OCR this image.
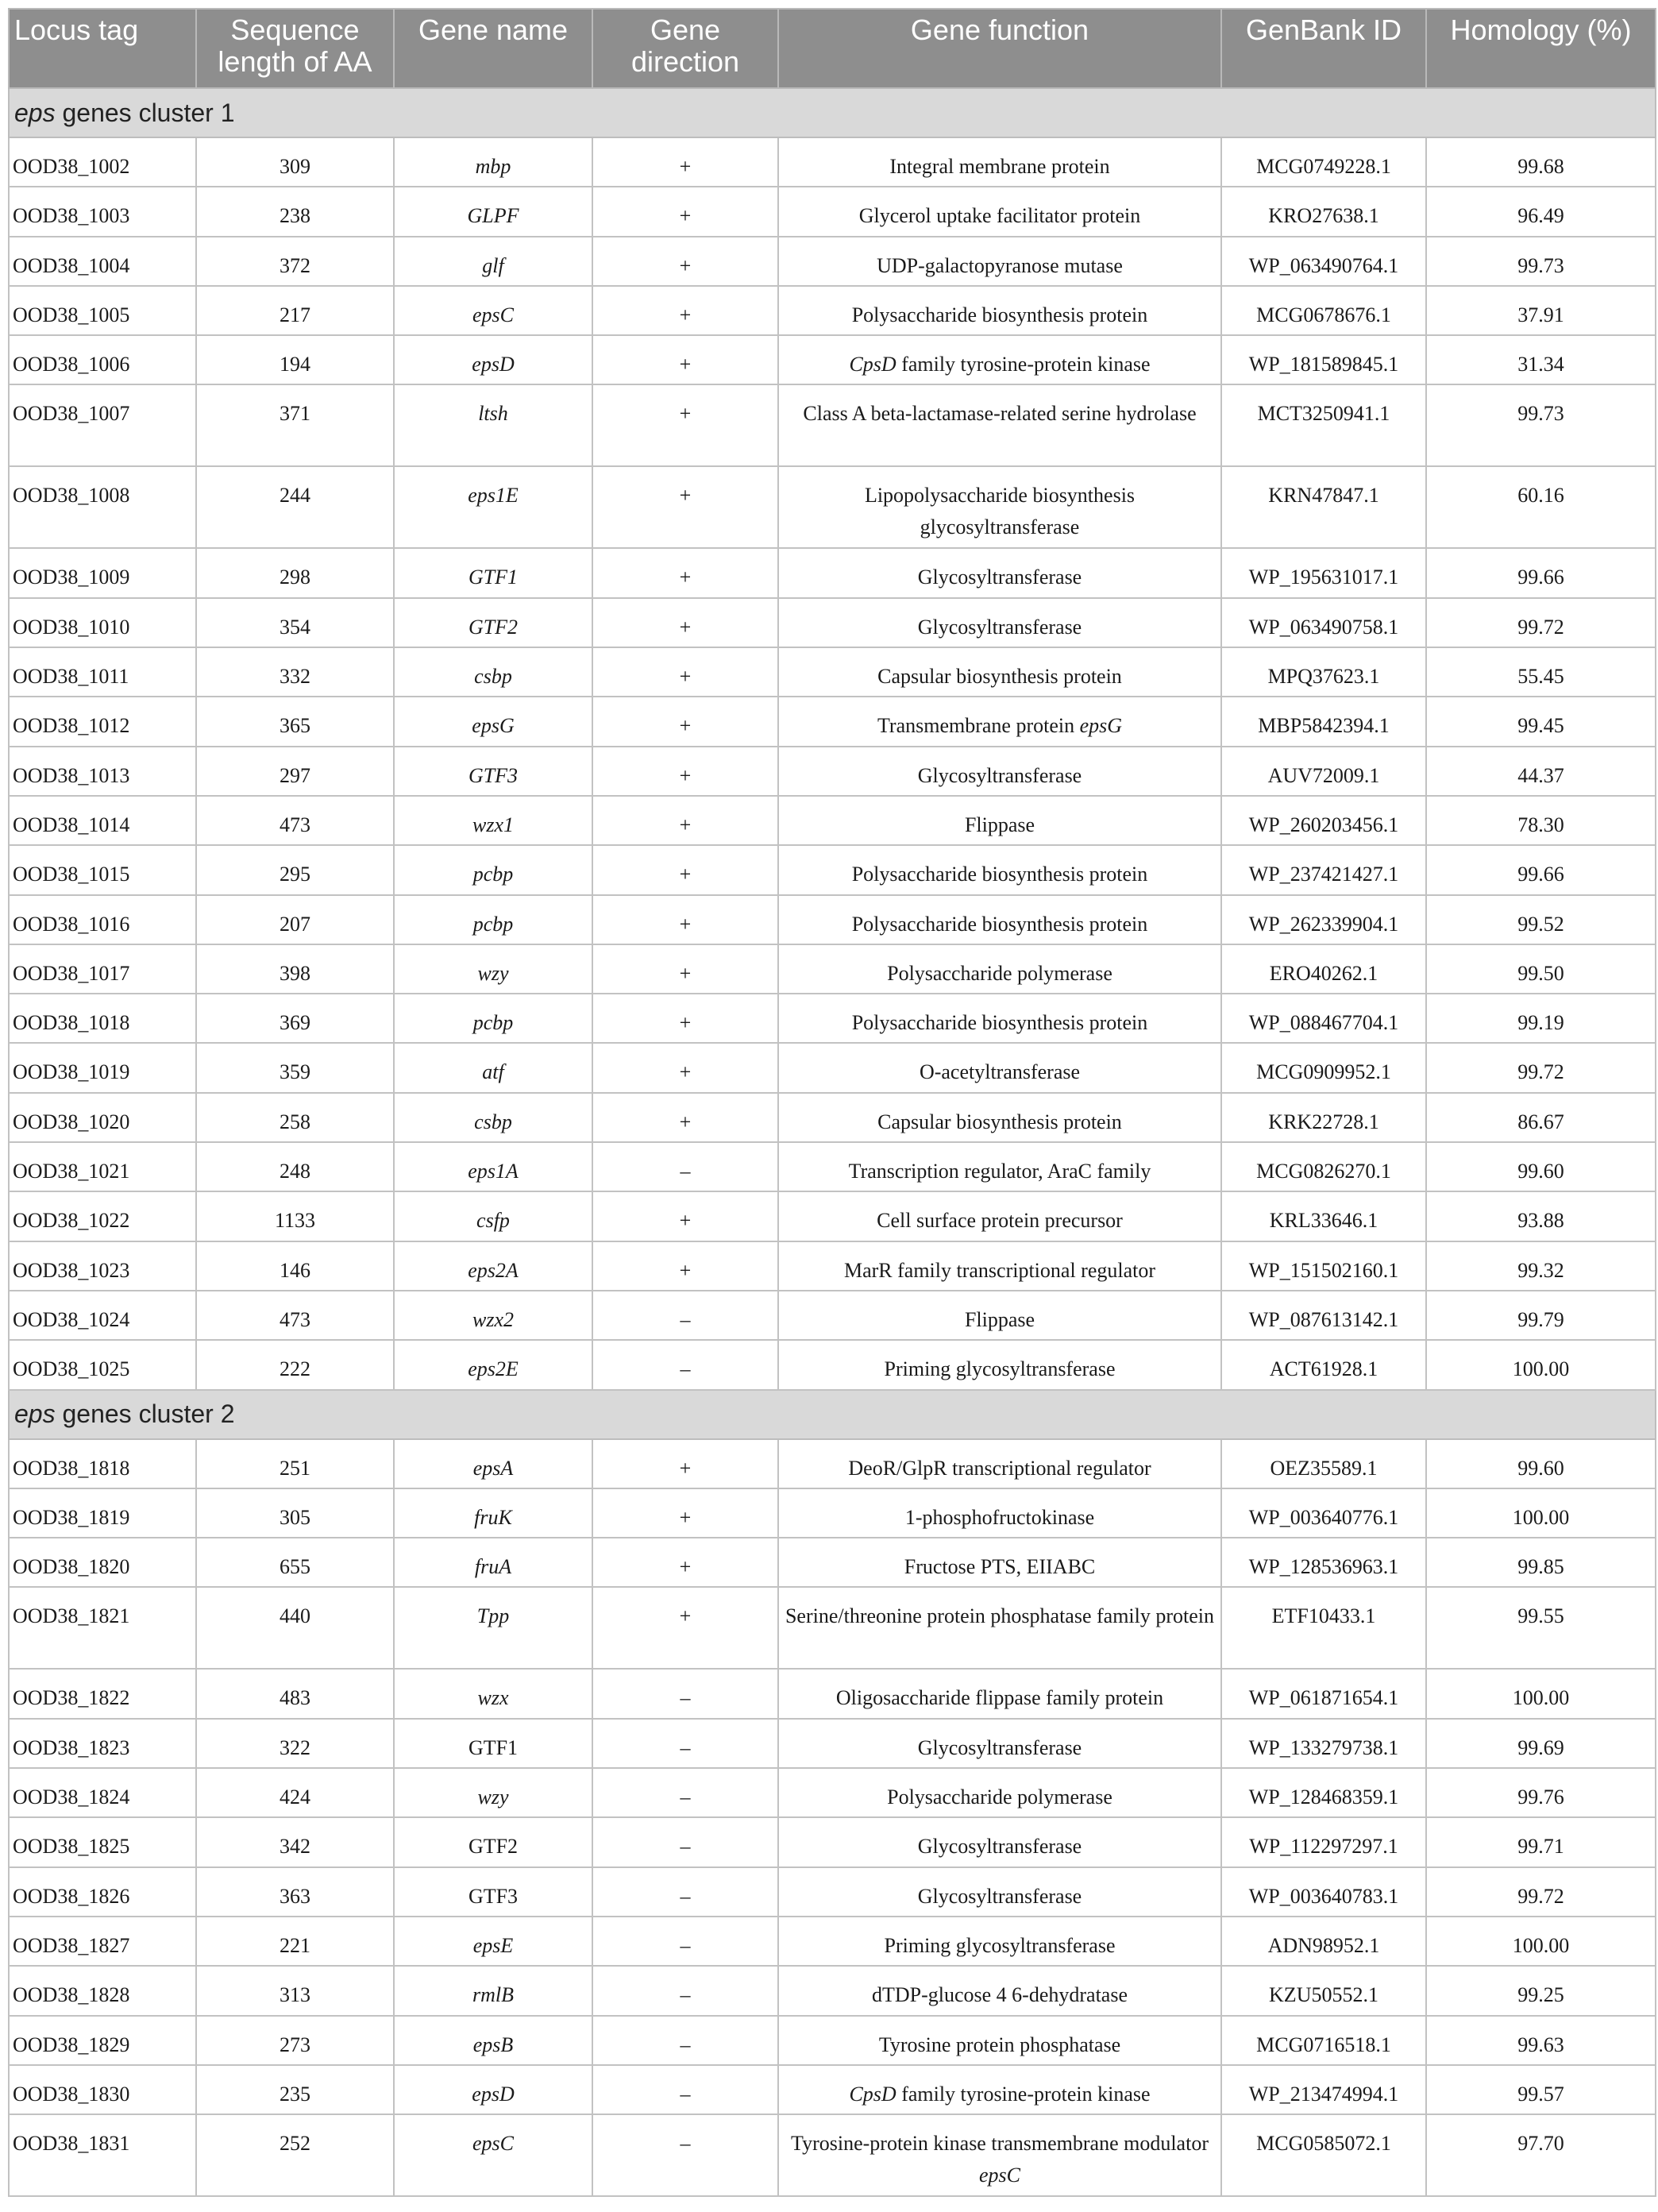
Locus tag	Sequence length of AA	Gene name	Gene direction	Gene function	GenBank ID	Homology (%)
eps genes cluster 1						
OOD38_1002	309	mbp	+	Integral membrane protein	MCG0749228.1	99.68
OOD38_1003	238	GLPF	+	Glycerol uptake facilitator protein	KRO27638.1	96.49
OOD38_1004	372	glf	+	UDP-galactopyranose mutase	WP_063490764.1	99.73
OOD38_1005	217	epsC	+	Polysaccharide biosynthesis protein	MCG0678676.1	37.91
OOD38_1006	194	epsD	+	CpsD family tyrosine-protein kinase	WP_181589845.1	31.34
OOD38_1007	371	ltsh	+	Class A beta-lactamase-related serine hydrolase	MCT3250941.1	99.73
OOD38_1008	244	eps1E	+	Lipopolysaccharide biosynthesis glycosyltransferase	KRN47847.1	60.16
OOD38_1009	298	GTF1	+	Glycosyltransferase	WP_195631017.1	99.66
OOD38_1010	354	GTF2	+	Glycosyltransferase	WP_063490758.1	99.72
OOD38_1011	332	csbp	+	Capsular biosynthesis protein	MPQ37623.1	55.45
OOD38_1012	365	epsG	+	Transmembrane protein epsG	MBP5842394.1	99.45
OOD38_1013	297	GTF3	+	Glycosyltransferase	AUV72009.1	44.37
OOD38_1014	473	wzx1	+	Flippase	WP_260203456.1	78.30
OOD38_1015	295	pcbp	+	Polysaccharide biosynthesis protein	WP_237421427.1	99.66
OOD38_1016	207	pcbp	+	Polysaccharide biosynthesis protein	WP_262339904.1	99.52
OOD38_1017	398	wzy	+	Polysaccharide polymerase	ERO40262.1	99.50
OOD38_1018	369	pcbp	+	Polysaccharide biosynthesis protein	WP_088467704.1	99.19
OOD38_1019	359	atf	+	O-acetyltransferase	MCG0909952.1	99.72
OOD38_1020	258	csbp	+	Capsular biosynthesis protein	KRK22728.1	86.67
OOD38_1021	248	eps1A	–	Transcription regulator, AraC family	MCG0826270.1	99.60
OOD38_1022	1133	csfp	+	Cell surface protein precursor	KRL33646.1	93.88
OOD38_1023	146	eps2A	+	MarR family transcriptional regulator	WP_151502160.1	99.32
OOD38_1024	473	wzx2	–	Flippase	WP_087613142.1	99.79
OOD38_1025	222	eps2E	–	Priming glycosyltransferase	ACT61928.1	100.00
eps genes cluster 2						
OOD38_1818	251	epsA	+	DeoR/GlpR transcriptional regulator	OEZ35589.1	99.60
OOD38_1819	305	fruK	+	1-phosphofructokinase	WP_003640776.1	100.00
OOD38_1820	655	fruA	+	Fructose PTS, EIIABC	WP_128536963.1	99.85
OOD38_1821	440	Tpp	+	Serine/threonine protein phosphatase family protein	ETF10433.1	99.55
OOD38_1822	483	wzx	–	Oligosaccharide flippase family protein	WP_061871654.1	100.00
OOD38_1823	322	GTF1	–	Glycosyltransferase	WP_133279738.1	99.69
OOD38_1824	424	wzy	–	Polysaccharide polymerase	WP_128468359.1	99.76
OOD38_1825	342	GTF2	–	Glycosyltransferase	WP_112297297.1	99.71
OOD38_1826	363	GTF3	–	Glycosyltransferase	WP_003640783.1	99.72
OOD38_1827	221	epsE	–	Priming glycosyltransferase	ADN98952.1	100.00
OOD38_1828	313	rmlB	–	dTDP-glucose 4 6-dehydratase	KZU50552.1	99.25
OOD38_1829	273	epsB	–	Tyrosine protein phosphatase	MCG0716518.1	99.63
OOD38_1830	235	epsD	–	CpsD family tyrosine-protein kinase	WP_213474994.1	99.57
OOD38_1831	252	epsC	–	Tyrosine-protein kinase transmembrane modulator epsC	MCG0585072.1	97.70
